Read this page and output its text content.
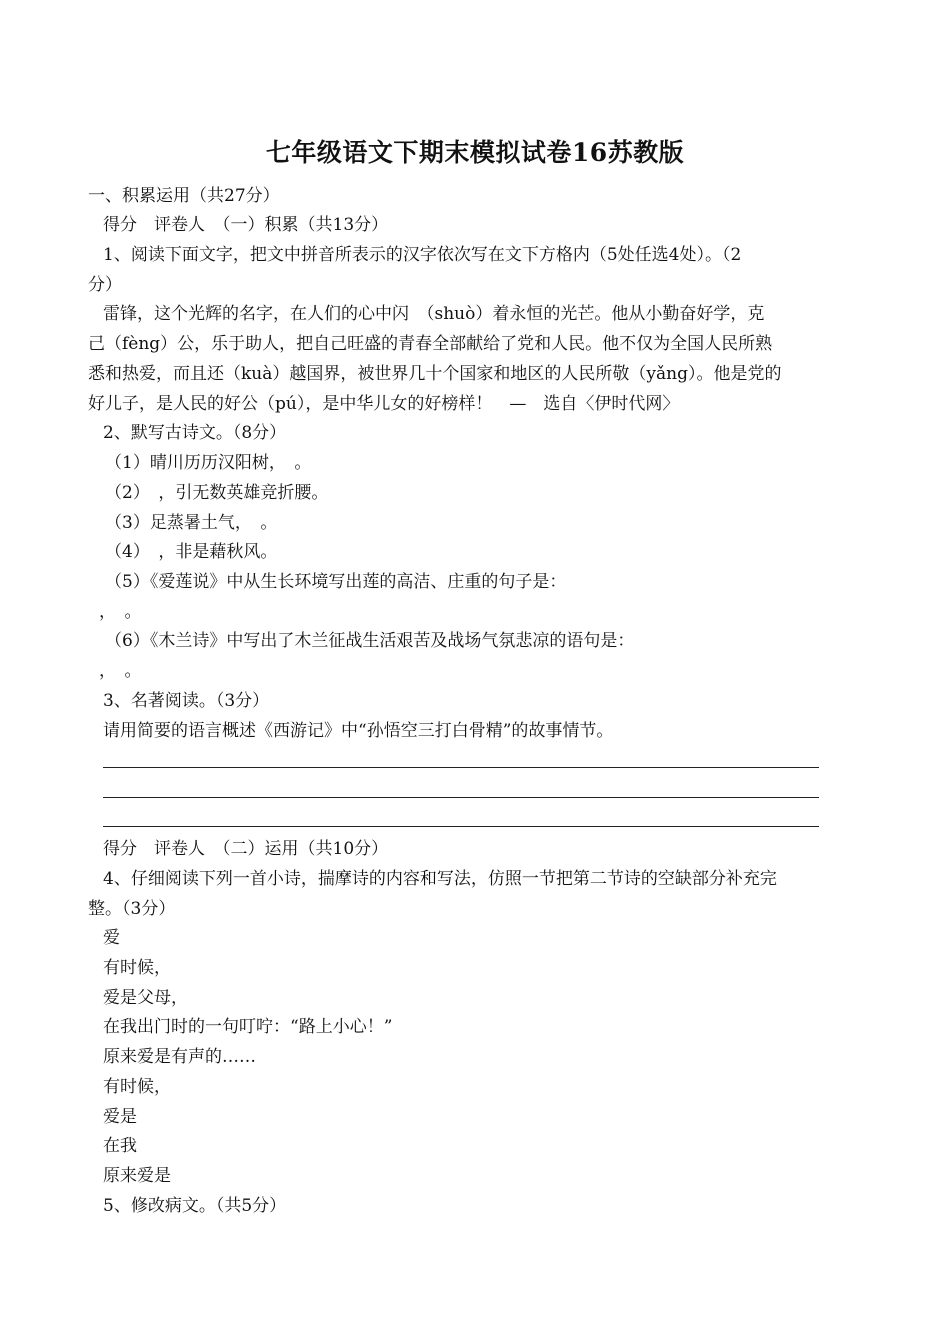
七年级语文下期末模拟试卷16苏教版
一、积累运用（共27分）
得分　评卷人　（一）积累（共13分）
1、阅读下面文字，把文中拼音所表示的汉字依次写在文下方格内（5处任选4处）。（2
分）
雷锋，这个光辉的名字，在人们的心中闪　（shuò）着永恒的光芒。他从小勤奋好学，克
己（fèng）公，乐于助人，把自己旺盛的青春全部献给了党和人民。他不仅为全国人民所熟
悉和热爱，而且还（kuà）越国界，被世界几十个国家和地区的人民所敬（yǎng）。他是党的
好儿子，是人民的好公（pú），是中华儿女的好榜样！　—　选自〈伊时代网〉
2、默写古诗文。（8分）
（1）晴川历历汉阳树，　。
（2）　，引无数英雄竞折腰。
（3）足蒸暑土气，　。
（4）　，非是藉秋风。
（5）《爱莲说》中从生长环境写出莲的高洁、庄重的句子是：
，　。
（6）《木兰诗》中写出了木兰征战生活艰苦及战场气氛悲凉的语句是：
，　。
3、名著阅读。（3分）
请用简要的语言概述《西游记》中“孙悟空三打白骨精”的故事情节。
得分　评卷人　（二）运用（共10分）
4、仔细阅读下列一首小诗，揣摩诗的内容和写法，仿照一节把第二节诗的空缺部分补充完
整。（3分）
爱
有时候，
爱是父母，
在我出门时的一句叮咛：“路上小心！”
原来爱是有声的……
有时候，
爱是
在我
原来爱是
5、修改病文。（共5分）
